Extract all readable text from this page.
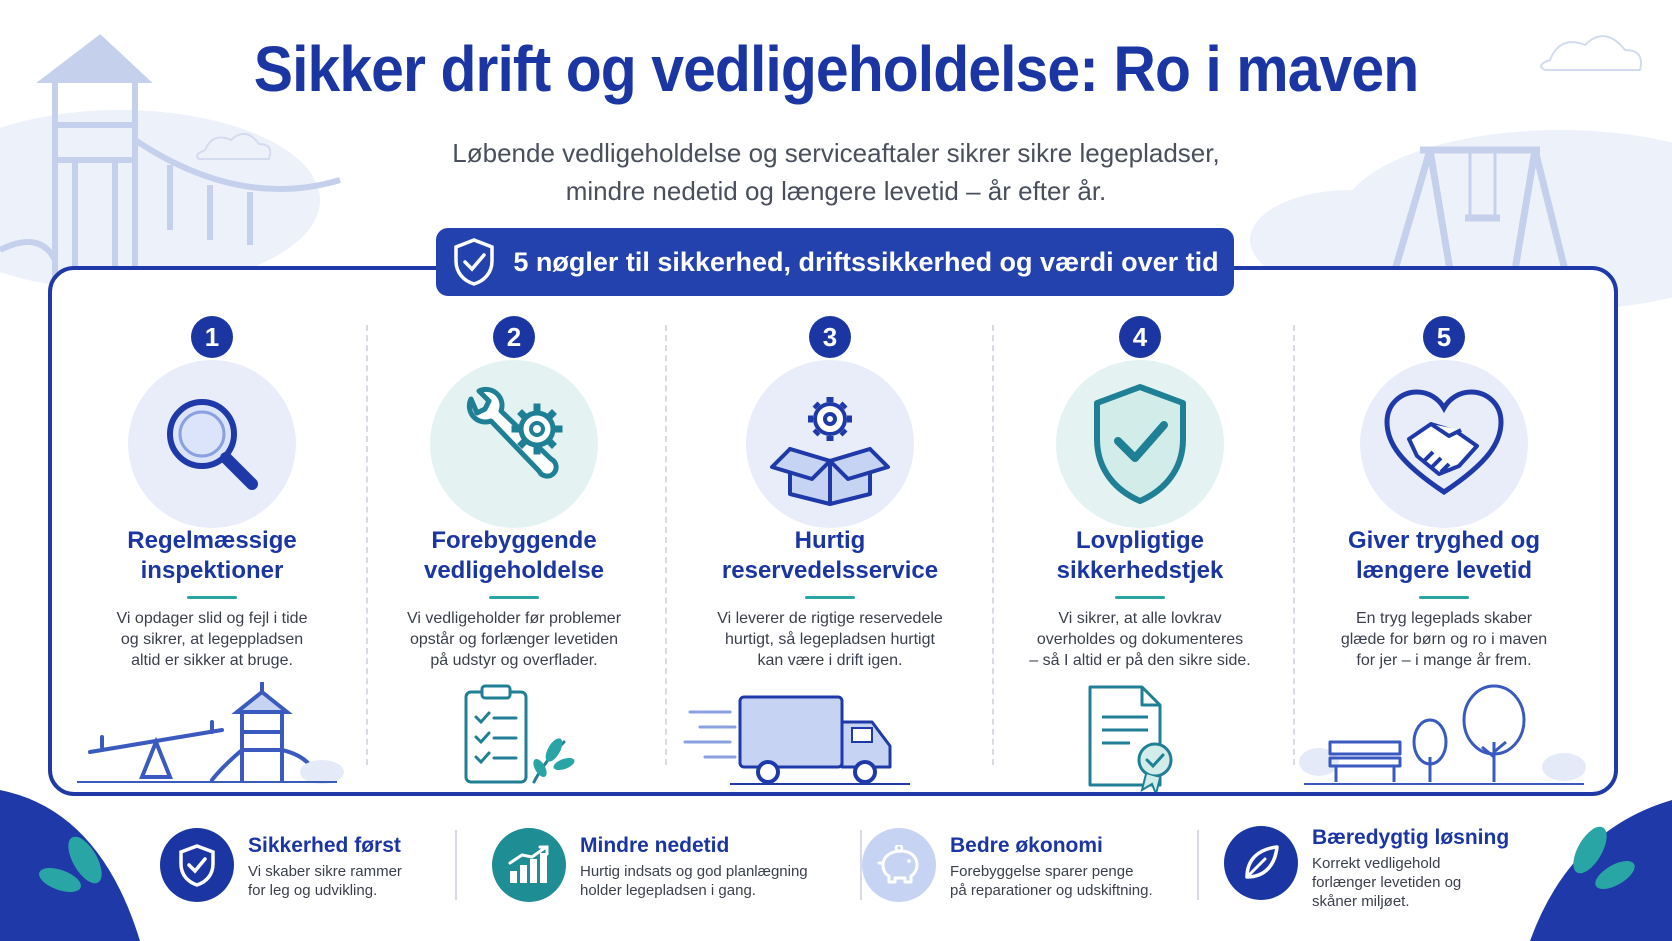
Sikker drift og vedligeholdelse: Ro i maven
Løbende vedligeholdelse og serviceaftaler sikrer sikre legepladser,
mindre nedetid og længere levetid – år efter år.
5 nøgler til sikkerhed, driftssikkerhed og værdi over tid
1
Regelmæssige
inspektioner
Vi opdager slid og fejl i tide
og sikrer, at legeppladsen
altid er sikker at bruge.
2
Forebyggende
vedligeholdelse
Vi vedligeholder før problemer
opstår og forlænger levetiden
på udstyr og overflader.
3
Hurtig
reservedelsservice
Vi leverer de rigtige reservedele
hurtigt, så legepladsen hurtigt
kan være i drift igen.
4
Lovpligtige
sikkerhedstjek
Vi sikrer, at alle lovkrav
overholdes og dokumenteres
– så I altid er på den sikre side.
5
Giver tryghed og
længere levetid
En tryg legeplads skaber
glæde for børn og ro i maven
for jer – i mange år frem.
Sikkerhed først
Vi skaber sikre rammer
for leg og udvikling.
Mindre nedetid
Hurtig indsats og god planlægning
holder legepladsen i gang.
Bedre økonomi
Forebyggelse sparer penge
på reparationer og udskiftning.
Bæredygtig løsning
Korrekt vedligehold
forlænger levetiden og
skåner miljøet.
